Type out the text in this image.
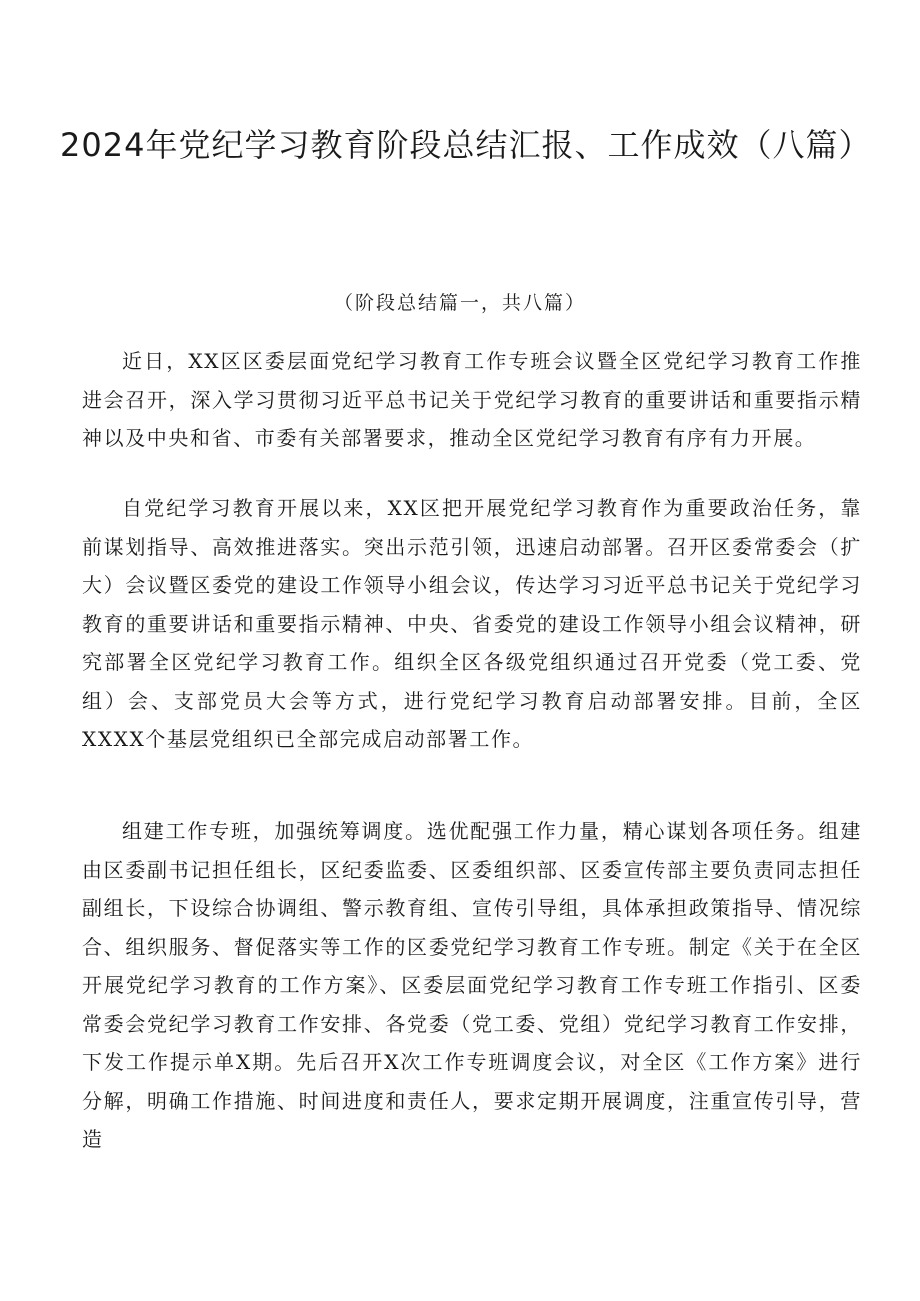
2024年党纪学习教育阶段总结汇报、工作成效（八篇）
（阶段总结篇一，共八篇）

近日，XX区区委层面党纪学习教育工作专班会议暨全区党纪学习教育工作推进会召开，深入学习贯彻习近平总书记关于党纪学习教育的重要讲话和重要指示精神以及中央和省、市委有关部署要求，推动全区党纪学习教育有序有力开展。

自党纪学习教育开展以来，XX区把开展党纪学习教育作为重要政治任务，靠前谋划指导、高效推进落实。突出示范引领，迅速启动部署。召开区委常委会（扩大）会议暨区委党的建设工作领导小组会议，传达学习习近平总书记关于党纪学习教育的重要讲话和重要指示精神、中央、省委党的建设工作领导小组会议精神，研究部署全区党纪学习教育工作。组织全区各级党组织通过召开党委（党工委、党组）会、支部党员大会等方式，进行党纪学习教育启动部署安排。目前，全区XXXX个基层党组织已全部完成启动部署工作。

组建工作专班，加强统筹调度。选优配强工作力量，精心谋划各项任务。组建由区委副书记担任组长，区纪委监委、区委组织部、区委宣传部主要负责同志担任副组长，下设综合协调组、警示教育组、宣传引导组，具体承担政策指导、情况综合、组织服务、督促落实等工作的区委党纪学习教育工作专班。制定《关于在全区开展党纪学习教育的工作方案》、区委层面党纪学习教育工作专班工作指引、区委常委会党纪学习教育工作安排、各党委（党工委、党组）党纪学习教育工作安排，下发工作提示单X期。先后召开X次工作专班调度会议，对全区《工作方案》进行分解，明确工作措施、时间进度和责任人，要求定期开展调度，注重宣传引导，营造
